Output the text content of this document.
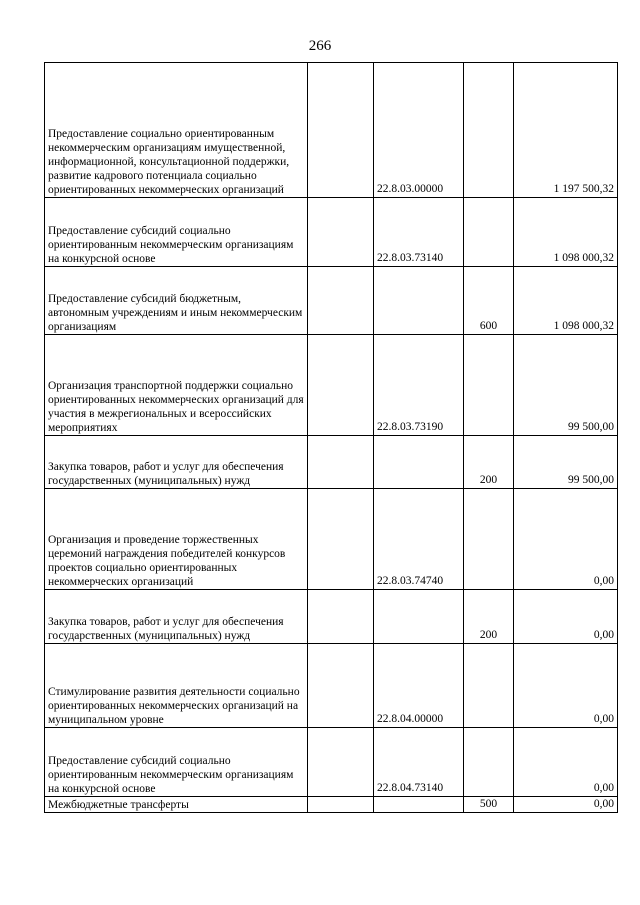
266
Предоставление социально ориентированным некоммерческим организациям имущественной, информационной, консультационной поддержки, развитие кадрового потенциала социально ориентированных некоммерческих организаций		22.8.03.00000		1 197 500,32

Предоставление субсидий социально ориентированным некоммерческим организациям на конкурсной основе		22.8.03.73140		1 098 000,32

Предоставление субсидий бюджетным, автономным учреждениям и иным некоммерческим организациям			600	1 098 000,32

Организация транспортной поддержки социально ориентированных некоммерческих организаций для участия в межрегиональных и всероссийских мероприятиях		22.8.03.73190		99 500,00

Закупка товаров, работ и услуг для обеспечения государственных (муниципальных) нужд			200	99 500,00

Организация и проведение торжественных церемоний награждения победителей конкурсов проектов социально ориентированных некоммерческих организаций		22.8.03.74740		0,00

Закупка товаров, работ и услуг для обеспечения государственных (муниципальных) нужд			200	0,00

Стимулирование развития деятельности социально ориентированных некоммерческих организаций на муниципальном уровне		22.8.04.00000		0,00

Предоставление субсидий социально ориентированным некоммерческим организациям на конкурсной основе		22.8.04.73140		0,00

Межбюджетные трансферты			500	0,00
